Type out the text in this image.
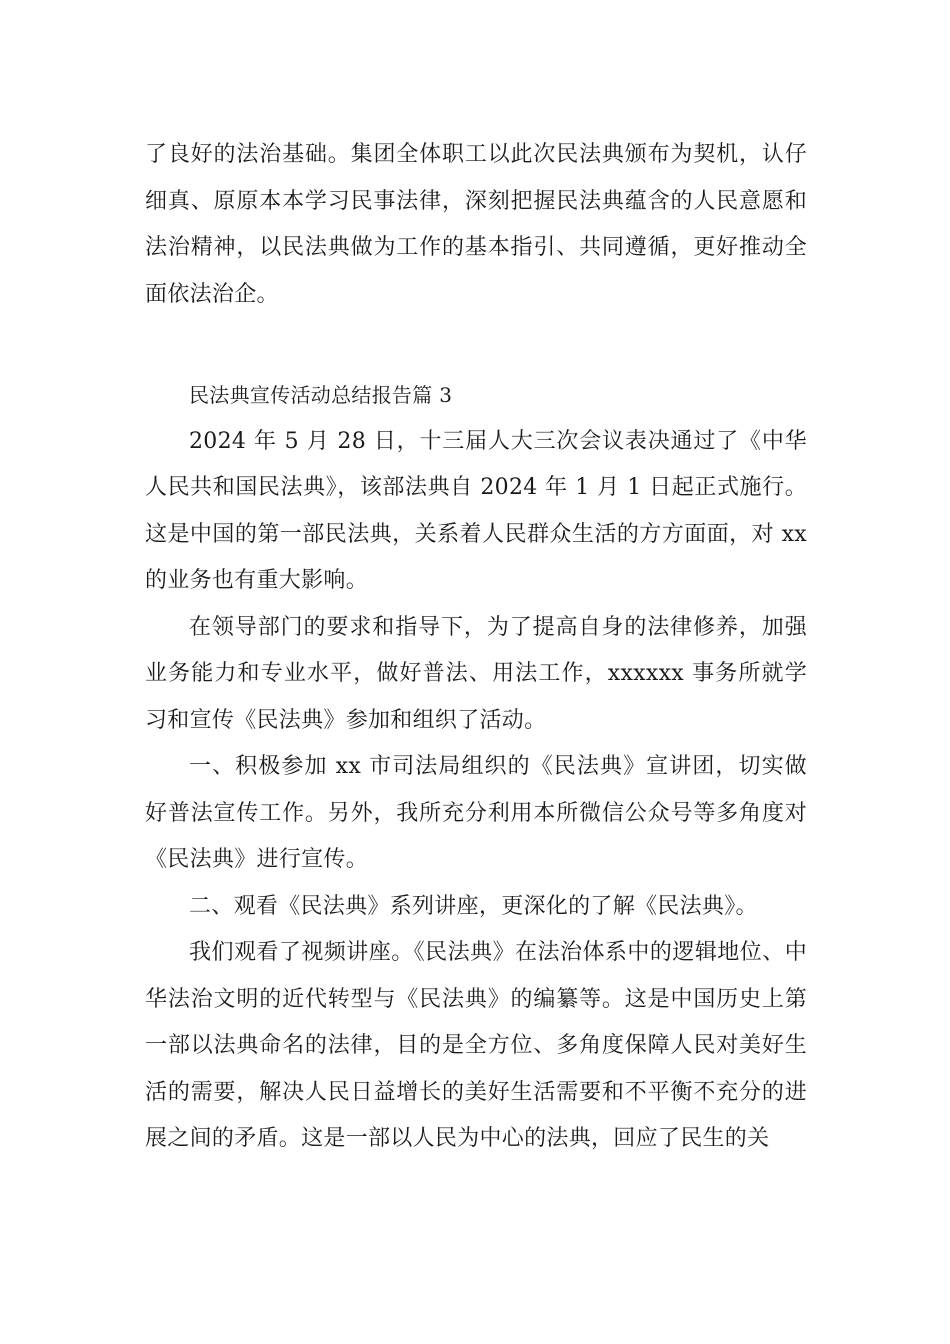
了良好的法治基础。集团全体职工以此次民法典颁布为契机，认仔细真、原原本本学习民事法律，深刻把握民法典蕴含的人民意愿和法治精神，以民法典做为工作的基本指引、共同遵循，更好推动全面依法治企。

民法典宣传活动总结报告篇 3

2024 年 5 月 28 日，十三届人大三次会议表决通过了《中华人民共和国民法典》，该部法典自 2024 年 1 月 1 日起正式施行。这是中国的第一部民法典，关系着人民群众生活的方方面面，对 xx 的业务也有重大影响。

在领导部门的要求和指导下，为了提高自身的法律修养，加强业务能力和专业水平，做好普法、用法工作，xxxxxx 事务所就学习和宣传《民法典》参加和组织了活动。

一、积极参加 xx 市司法局组织的《民法典》宣讲团，切实做好普法宣传工作。另外，我所充分利用本所微信公众号等多角度对《民法典》进行宣传。

二、观看《民法典》系列讲座，更深化的了解《民法典》。

我们观看了视频讲座。《民法典》在法治体系中的逻辑地位、中华法治文明的近代转型与《民法典》的编纂等。这是中国历史上第一部以法典命名的法律，目的是全方位、多角度保障人民对美好生活的需要，解决人民日益增长的美好生活需要和不平衡不充分的进展之间的矛盾。这是一部以人民为中心的法典，回应了民生的关
